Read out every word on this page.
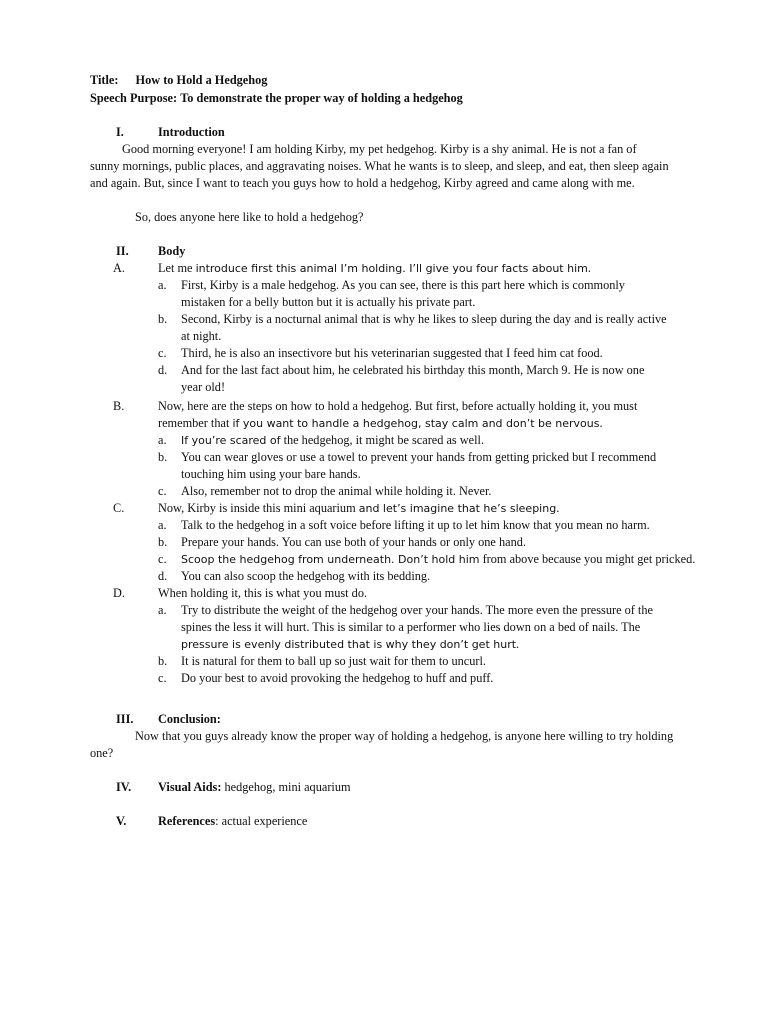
Title: How to Hold a Hedgehog
Speech Purpose: To demonstrate the proper way of holding a hedgehog
I.	Introduction
Good morning everyone! I am holding Kirby, my pet hedgehog. Kirby is a shy animal. He is not a fan of
sunny mornings, public places, and aggravating noises. What he wants is to sleep, and sleep, and eat, then sleep again
and again. But, since I want to teach you guys how to hold a hedgehog, Kirby agreed and came along with me.
So, does anyone here like to hold a hedgehog?
II. Body
A.	Let me introduce first this animal I’m holding. I’ll give you four facts about him.
a. First, Kirby is a male hedgehog. As you can see, there is this part here which is commonly
mistaken for a belly button but it is actually his private part.
b. Second, Kirby is a nocturnal animal that is why he likes to sleep during the day and is really active
at night.
c. Third, he is also an insectivore but his veterinarian suggested that I feed him cat food.
d. And for the last fact about him, he celebrated his birthday this month, March 9. He is now one
year old!
B.	Now, here are the steps on how to hold a hedgehog. But first, before actually holding it, you must
remember that if you want to handle a hedgehog, stay calm and don’t be nervous.
a. If you’re scared of the hedgehog, it might be scared as well.
b. You can wear gloves or use a towel to prevent your hands from getting pricked but I recommend
touching him using your bare hands.
c. Also, remember not to drop the animal while holding it. Never.
C.	Now, Kirby is inside this mini aquarium and let’s imagine that he’s sleeping.
a. Talk to the hedgehog in a soft voice before lifting it up to let him know that you mean no harm.
b. Prepare your hands. You can use both of your hands or only one hand.
c. Scoop the hedgehog from underneath. Don’t hold him from above because you might get pricked.
d. You can also scoop the hedgehog with its bedding.
D.	When holding it, this is what you must do.
a. Try to distribute the weight of the hedgehog over your hands. The more even the pressure of the
spines the less it will hurt. This is similar to a performer who lies down on a bed of nails. The
pressure is evenly distributed that is why they don’t get hurt.
b. It is natural for them to ball up so just wait for them to uncurl.
c. Do your best to avoid provoking the hedgehog to huff and puff.
III. Conclusion:
Now that you guys already know the proper way of holding a hedgehog, is anyone here willing to try holding
one?
IV. Visual Aids: hedgehog, mini aquarium
V.	References: actual experience
